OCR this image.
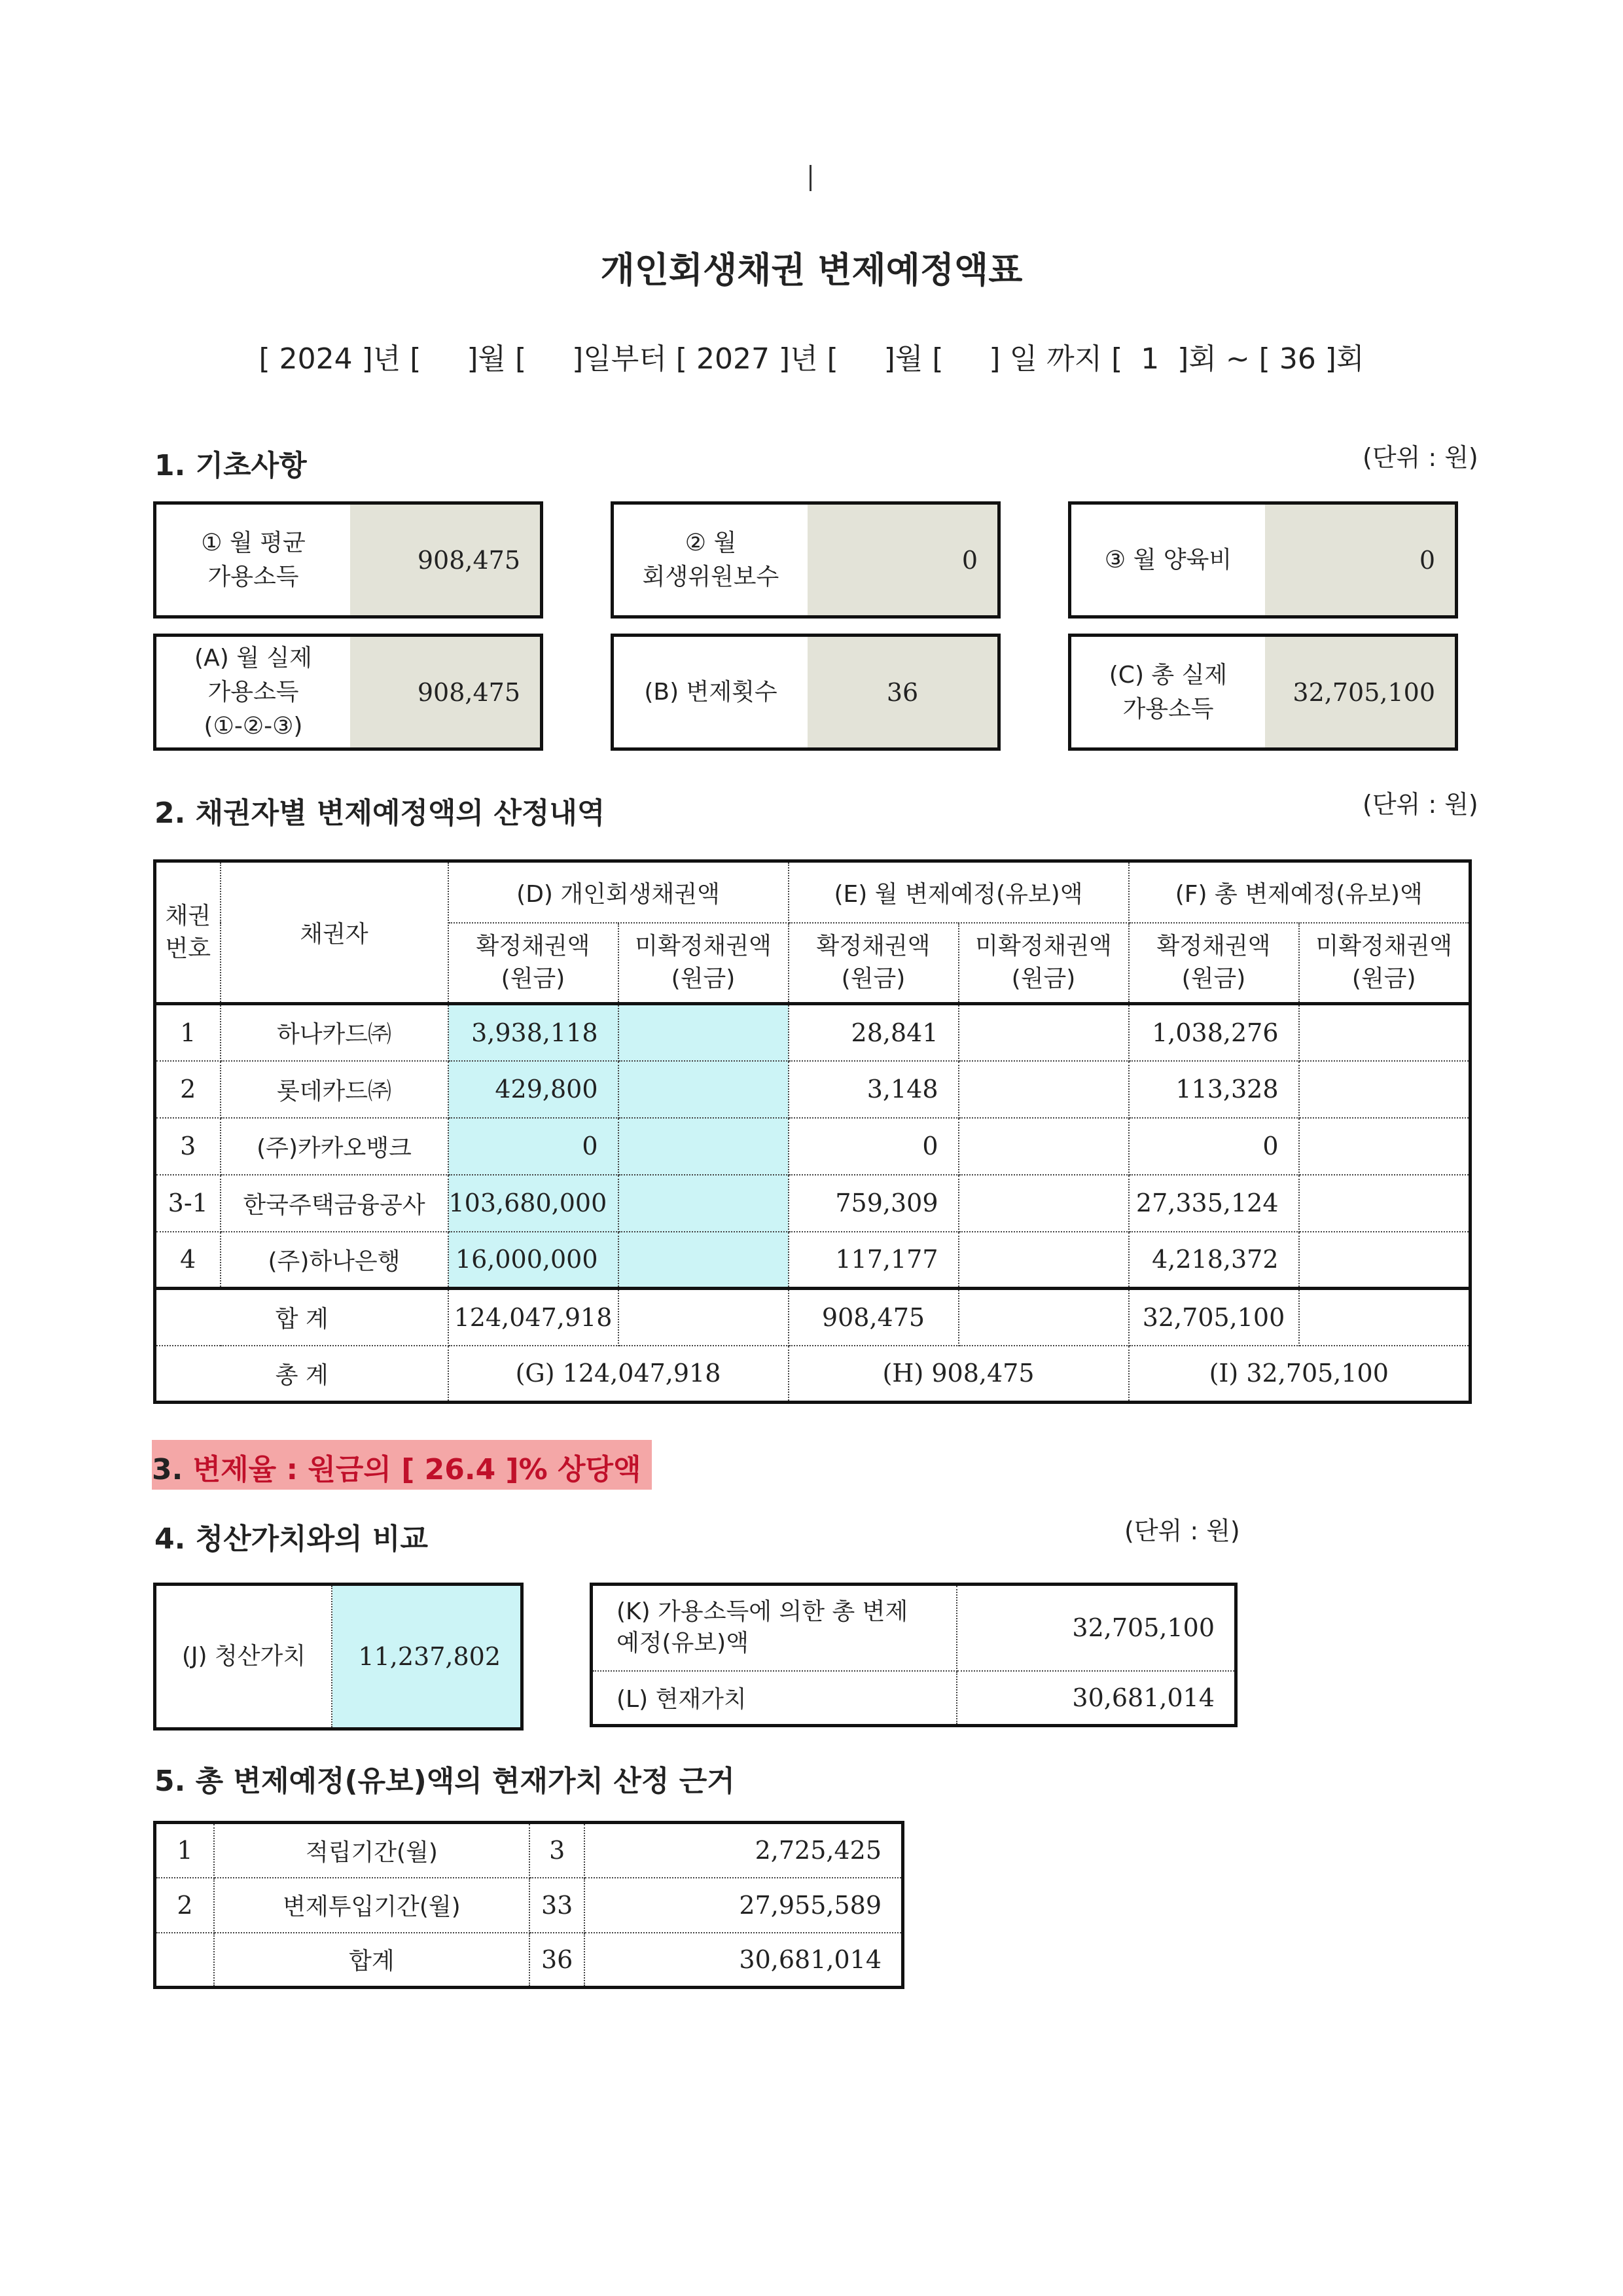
개인회생채권 변제예정액표
[ 2024 ]년 [     ]월 [     ]일부터 [ 2027 ]년 [     ]월 [     ] 일 까지 [  1  ]회 ~ [ 36 ]회
1. 기초사항	(단위 : 원)
① 월 평균
가용소득
908,475
② 월
회생위원보수
0	③ 월 양육비	0
(A) 월 실제
가용소득
(①-②-③)
908,475	(B) 변제횟수	36
(C) 총 실제
가용소득
32,705,100
2. 채권자별 변제예정액의 산정내역	(단위 : 원)
채권
번호	채권자	(D) 개인회생채권액		(E) 월 변제예정(유보)액		(F) 총 변제예정(유보)액	
		확정채권액
(원금)	미확정채권액
(원금)	확정채권액
(원금)	미확정채권액
(원금)	확정채권액
(원금)	미확정채권액
(원금)
1	하나카드㈜	3,938,118		28,841		1,038,276	
2	롯데카드㈜	429,800		3,148		113,328	
3	(주)카카오뱅크	0		0		0	
3-1	한국주택금융공사	103,680,000		759,309		27,335,124	
4	(주)하나은행	16,000,000		117,177		4,218,372	
합 계		124,047,918		908,475		32,705,100	
총 계		(G) 124,047,918		(H) 908,475		(I) 32,705,100	
3. 변제율 : 원금의 [ 26.4 ]% 상당액
4. 청산가치와의 비교	(단위 : 원)
(J) 청산가치	11,237,802
(K) 가용소득에 의한 총 변제
예정(유보)액	32,705,100
(L) 현재가치	30,681,014
5. 총 변제예정(유보)액의 현재가치 산정 근거
1	적립기간(월)	3	2,725,425
2	변제투입기간(월)	33	27,955,589
	합계	36	30,681,014
